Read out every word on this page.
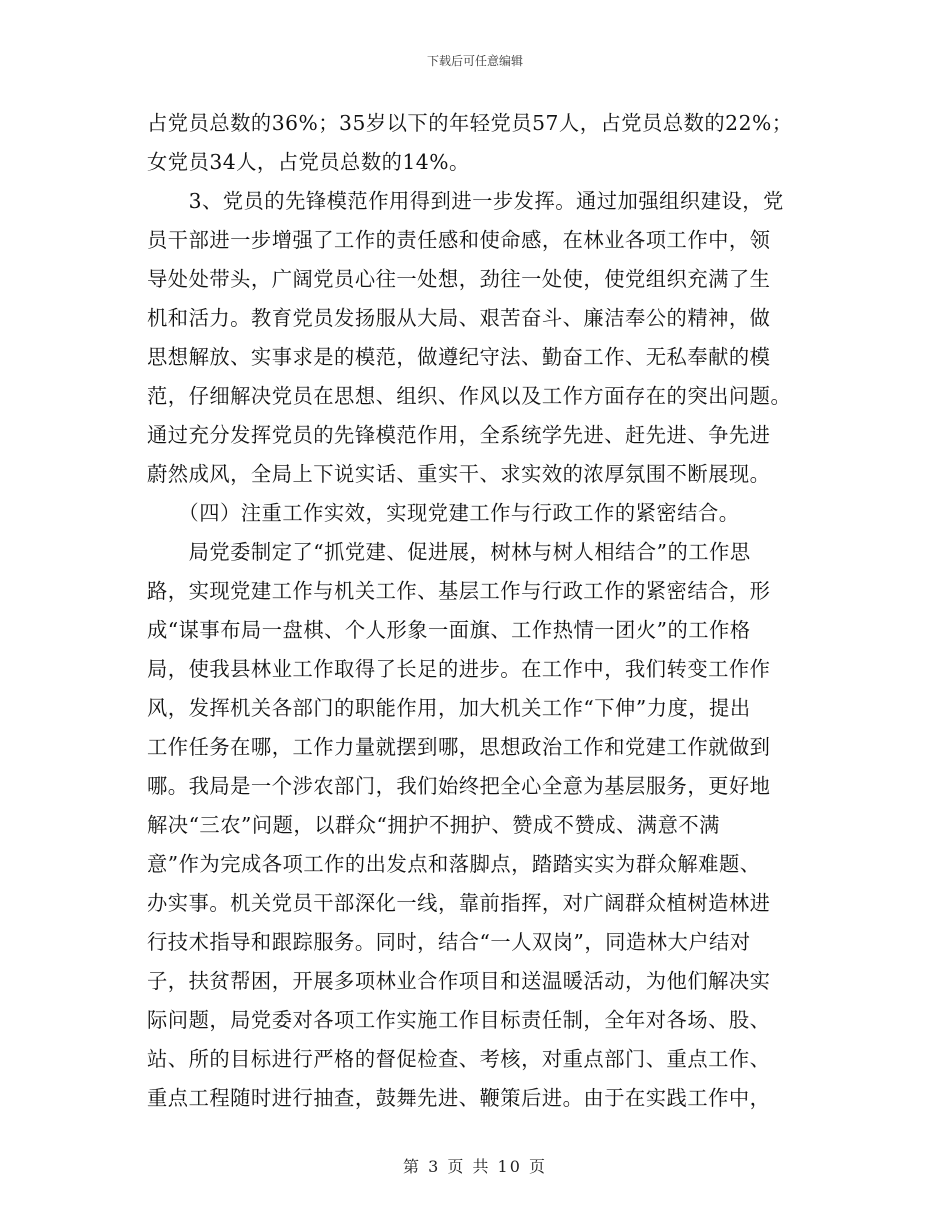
下载后可任意编辑
占党员总数的36%；35岁以下的年轻党员57人，占党员总数的22%；
女党员34人，占党员总数的14%。
　　3、党员的先锋模范作用得到进一步发挥。通过加强组织建设，党
员干部进一步增强了工作的责任感和使命感，在林业各项工作中，领
导处处带头，广阔党员心往一处想，劲往一处使，使党组织充满了生
机和活力。教育党员发扬服从大局、艰苦奋斗、廉洁奉公的精神，做
思想解放、实事求是的模范，做遵纪守法、勤奋工作、无私奉献的模
范，仔细解决党员在思想、组织、作风以及工作方面存在的突出问题。
通过充分发挥党员的先锋模范作用，全系统学先进、赶先进、争先进
蔚然成风，全局上下说实话、重实干、求实效的浓厚氛围不断展现。
　　（四）注重工作实效，实现党建工作与行政工作的紧密结合。
　　局党委制定了“抓党建、促进展，树林与树人相结合”的工作思
路，实现党建工作与机关工作、基层工作与行政工作的紧密结合，形
成“谋事布局一盘棋、个人形象一面旗、工作热情一团火”的工作格
局，使我县林业工作取得了长足的进步。在工作中，我们转变工作作
风，发挥机关各部门的职能作用，加大机关工作“下伸”力度，提出
工作任务在哪，工作力量就摆到哪，思想政治工作和党建工作就做到
哪。我局是一个涉农部门，我们始终把全心全意为基层服务，更好地
解决“三农”问题，以群众“拥护不拥护、赞成不赞成、满意不满
意”作为完成各项工作的出发点和落脚点，踏踏实实为群众解难题、
办实事。机关党员干部深化一线，靠前指挥，对广阔群众植树造林进
行技术指导和跟踪服务。同时，结合“一人双岗”，同造林大户结对
子，扶贫帮困，开展多项林业合作项目和送温暖活动，为他们解决实
际问题，局党委对各项工作实施工作目标责任制，全年对各场、股、
站、所的目标进行严格的督促检查、考核，对重点部门、重点工作、
重点工程随时进行抽查，鼓舞先进、鞭策后进。由于在实践工作中，
第 3 页 共 10 页
